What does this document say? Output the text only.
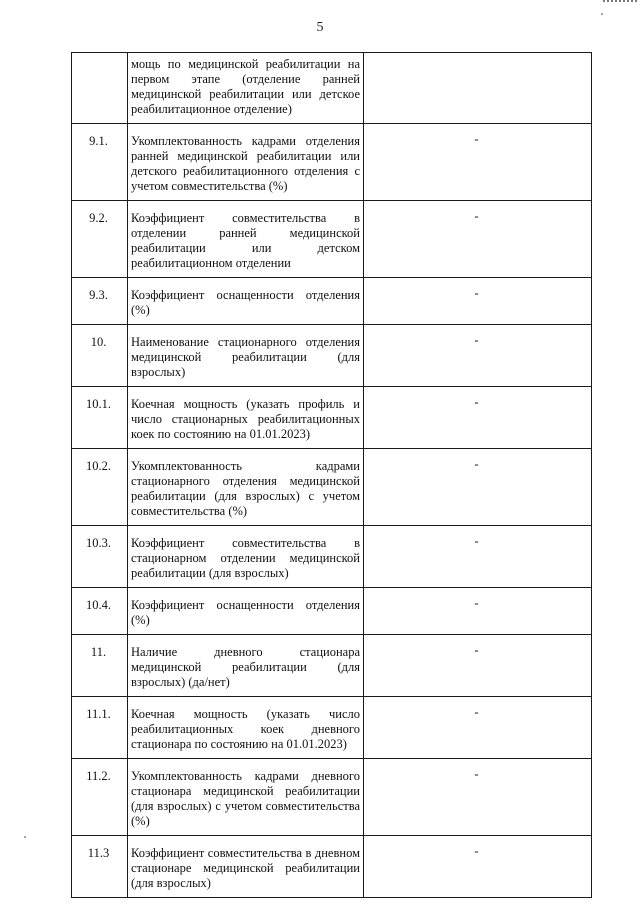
5
	мощь по медицинской реабилитации на первом этапе (отделение ранней медицинской реабилитации или детское реабилитационное отделение)	
9.1.	Укомплектованность кадрами отделения ранней медицинской реабилитации или детского реабилитационного отделения с учетом совместительства (%)	-
9.2.	Коэффициент совместительства в отделении ранней медицинской реабилитации или детском реабилитационном отделении	-
9.3.	Коэффициент оснащенности отделения (%)	-
10.	Наименование стационарного отделения медицинской реабилитации (для взрослых)	-
10.1.	Коечная мощность (указать профиль и число стационарных реабилитационных коек по состоянию на 01.01.2023)	-
10.2.	Укомплектованность кадрами стационарного отделения медицинской реабилитации (для взрослых) с учетом совместительства (%)	-
10.3.	Коэффициент совместительства в стационарном отделении медицинской реабилитации (для взрослых)	-
10.4.	Коэффициент оснащенности отделения (%)	-
11.	Наличие дневного стационара медицинской реабилитации (для взрослых) (да/нет)	-
11.1.	Коечная мощность (указать число реабилитационных коек дневного стационара по состоянию на 01.01.2023)	-
11.2.	Укомплектованность кадрами дневного стационара медицинской реабилитации (для взрослых) с учетом совместительства (%)	-
11.3	Коэффициент совместительства в дневном стационаре медицинской реабилитации (для взрослых)	-
